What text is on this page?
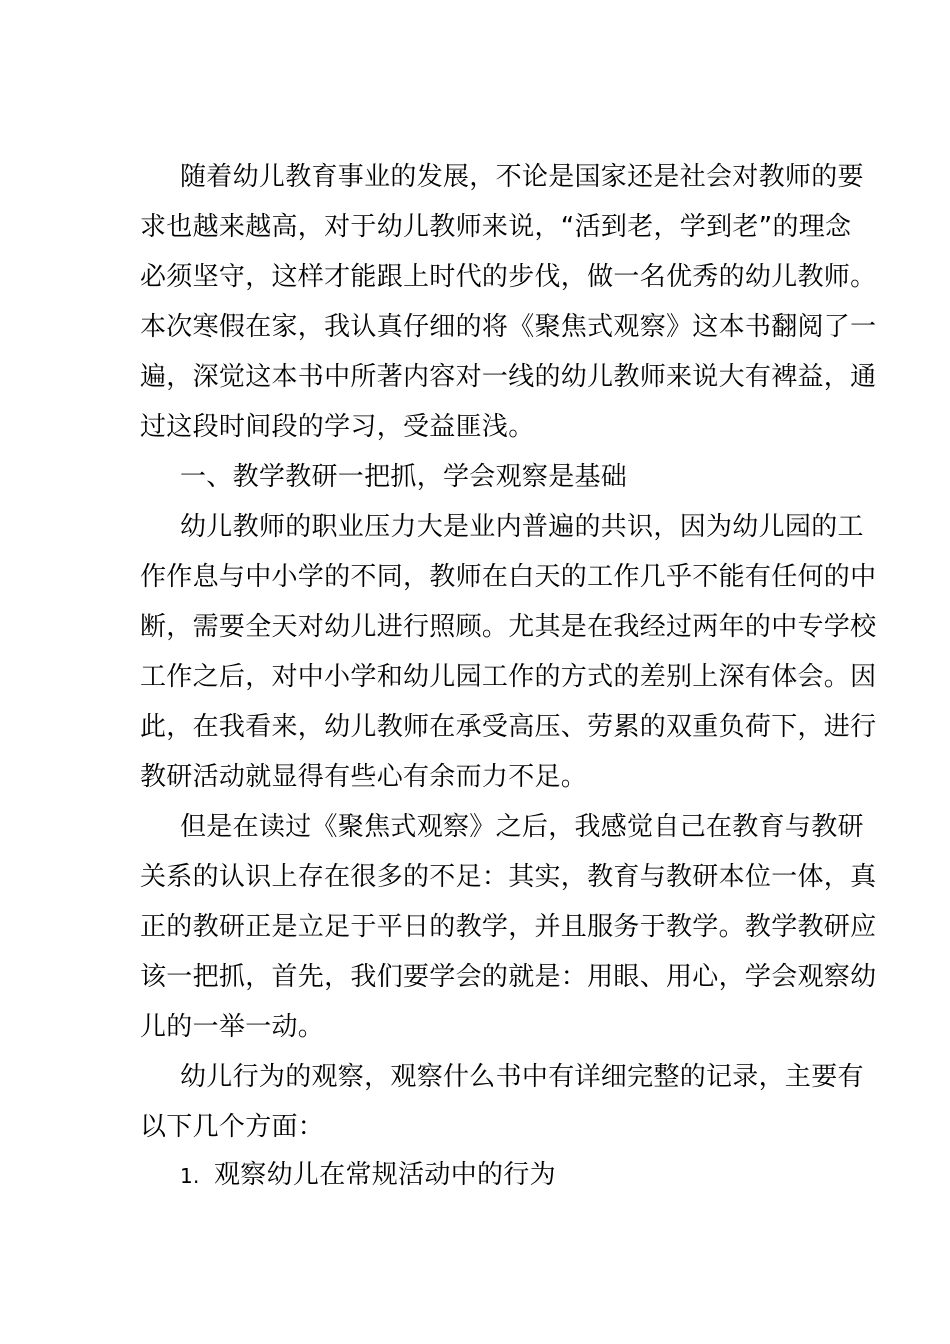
随着幼儿教育事业的发展，不论是国家还是社会对教师的要
求也越来越高，对于幼儿教师来说，“活到老，学到老”的理念
必须坚守，这样才能跟上时代的步伐，做一名优秀的幼儿教师。
本次寒假在家，我认真仔细的将《聚焦式观察》这本书翻阅了一
遍，深觉这本书中所著内容对一线的幼儿教师来说大有裨益，通
过这段时间段的学习，受益匪浅。
一、教学教研一把抓，学会观察是基础
幼儿教师的职业压力大是业内普遍的共识，因为幼儿园的工
作作息与中小学的不同，教师在白天的工作几乎不能有任何的中
断，需要全天对幼儿进行照顾。尤其是在我经过两年的中专学校
工作之后，对中小学和幼儿园工作的方式的差别上深有体会。因
此，在我看来，幼儿教师在承受高压、劳累的双重负荷下，进行
教研活动就显得有些心有余而力不足。
但是在读过《聚焦式观察》之后，我感觉自己在教育与教研
关系的认识上存在很多的不足：其实，教育与教研本位一体，真
正的教研正是立足于平日的教学，并且服务于教学。教学教研应
该一把抓，首先，我们要学会的就是：用眼、用心，学会观察幼
儿的一举一动。
幼儿行为的观察，观察什么书中有详细完整的记录，主要有
以下几个方面：
1. 观察幼儿在常规活动中的行为
